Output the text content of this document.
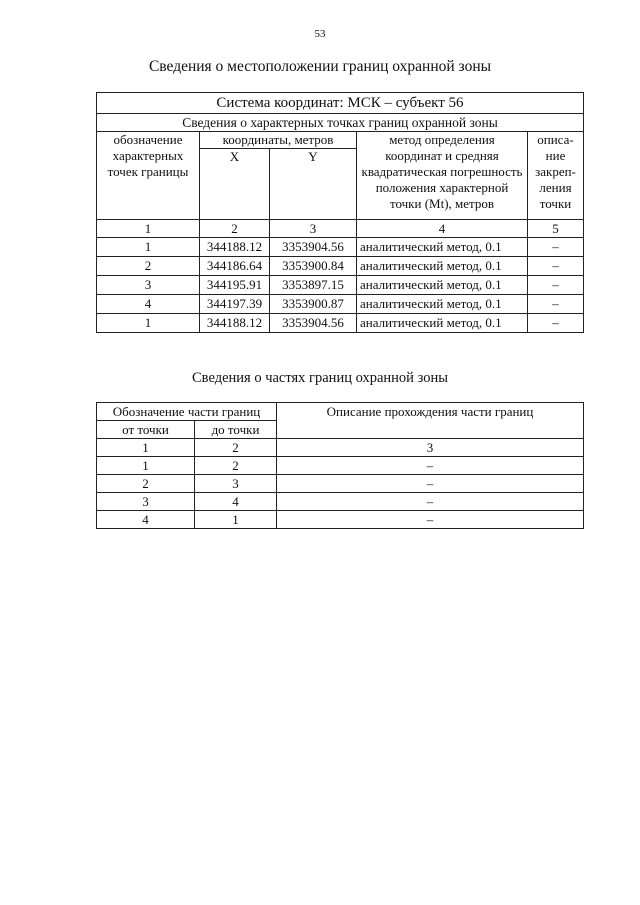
53
Сведения о местоположении границ охранной зоны
Система координат: МСК – субъект 56				
Сведения о характерных точках границ охранной зоны				
обозначение характерных точек границы	координаты, метров		метод определения координат и средняя квадратическая погрешность положения характерной точки (Mt), метров	описа-ние закреп-ления точки
	X	Y		
1	2	3	4	5
1	344188.12	3353904.56	аналитический метод, 0.1	–
2	344186.64	3353900.84	аналитический метод, 0.1	–
3	344195.91	3353897.15	аналитический метод, 0.1	–
4	344197.39	3353900.87	аналитический метод, 0.1	–
1	344188.12	3353904.56	аналитический метод, 0.1	–
Сведения о частях границ охранной зоны
Обозначение части границ		Описание прохождения части границ
от точки	до точки	
1	2	3
1	2	–
2	3	–
3	4	–
4	1	–
